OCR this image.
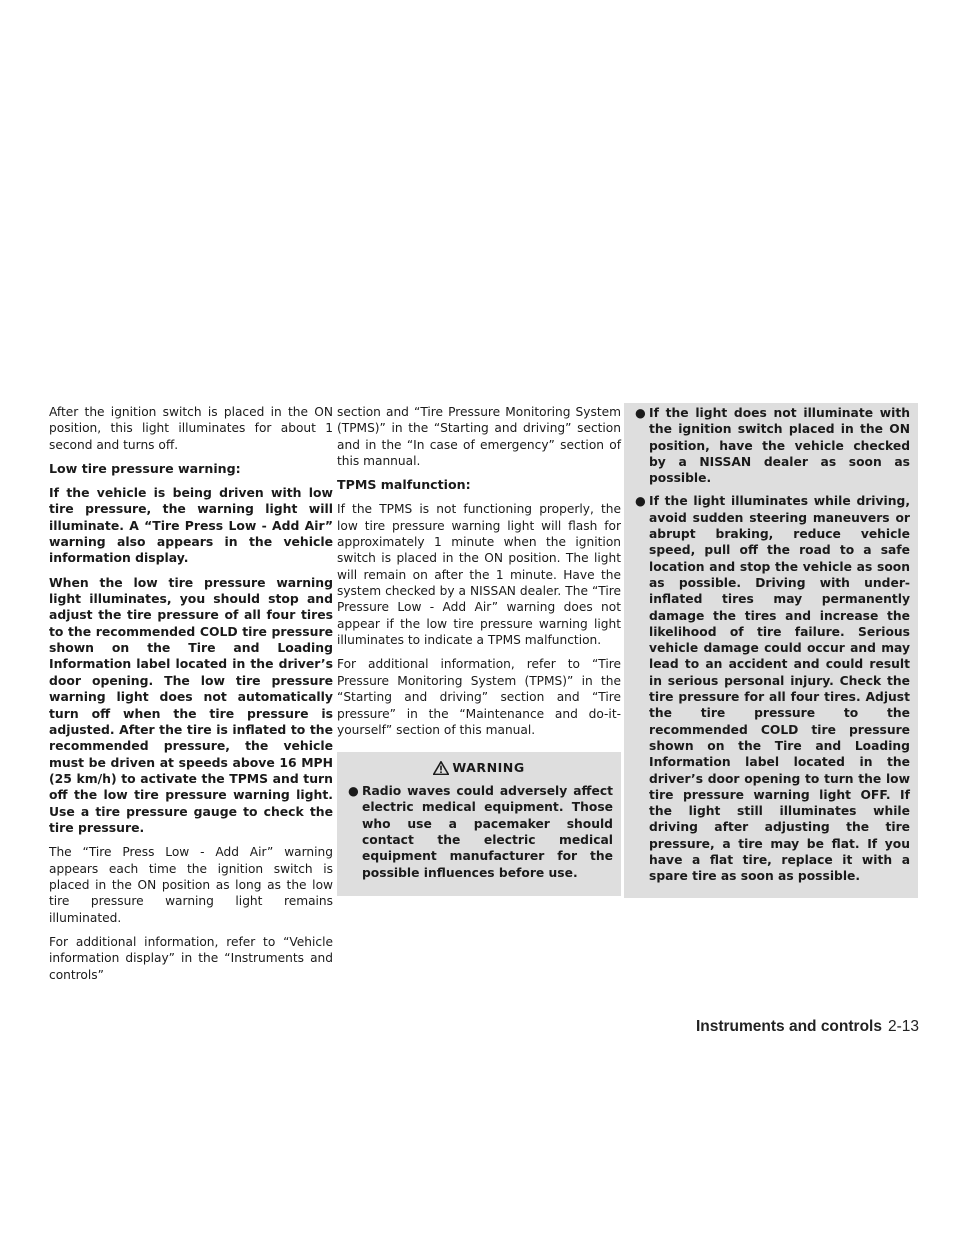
After the ignition switch is placed in the ON position, this light illuminates for about 1 second and turns off.

Low tire pressure warning:

If the vehicle is being driven with low tire pressure, the warning light will illuminate. A “Tire Press Low - Add Air” warning also appears in the vehicle information display.

When the low tire pressure warning light illuminates, you should stop and adjust the tire pressure of all four tires to the recommended COLD tire pressure shown on the Tire and Loading Information label located in the driver’s door opening. The low tire pressure warning light does not automatically turn off when the tire pressure is adjusted. After the tire is inflated to the recommended pressure, the vehicle must be driven at speeds above 16 MPH (25 km/h) to activate the TPMS and turn off the low tire pressure warning light. Use a tire pressure gauge to check the tire pressure.

The “Tire Press Low - Add Air” warning appears each time the ignition switch is placed in the ON position as long as the low tire pressure warning light remains illuminated.

For additional information, refer to “Vehicle information display” in the “Instruments and controls”

section and “Tire Pressure Monitoring System (TPMS)” in the “Starting and driving” section and in the “In case of emergency” section of this mannual.

TPMS malfunction:

If the TPMS is not functioning properly, the low tire pressure warning light will flash for approximately 1 minute when the ignition switch is placed in the ON position. The light will remain on after the 1 minute. Have the system checked by a NISSAN dealer. The “Tire Pressure Low - Add Air” warning does not appear if the low tire pressure warning light illuminates to indicate a TPMS malfunction.

For additional information, refer to “Tire Pressure Monitoring System (TPMS)” in the “Starting and driving” section and “Tire pressure” in the “Maintenance and do-it-yourself” section of this manual.

WARNING
● Radio waves could adversely affect electric medical equipment. Those who use a pacemaker should contact the electric medical equipment manufacturer for the possible influences before use.
● If the light does not illuminate with the ignition switch placed in the ON position, have the vehicle checked by a NISSAN dealer as soon as possible.
● If the light illuminates while driving, avoid sudden steering maneuvers or abrupt braking, reduce vehicle speed, pull off the road to a safe location and stop the vehicle as soon as possible. Driving with under-inflated tires may permanently damage the tires and increase the likelihood of tire failure. Serious vehicle damage could occur and may lead to an accident and could result in serious personal injury. Check the tire pressure for all four tires. Adjust the tire pressure to the recommended COLD tire pressure shown on the Tire and Loading Information label located in the driver’s door opening to turn the low tire pressure warning light OFF. If the light still illuminates while driving after adjusting the tire pressure, a tire may be flat. If you have a flat tire, replace it with a spare tire as soon as possible.
Instruments and controls 2-13
